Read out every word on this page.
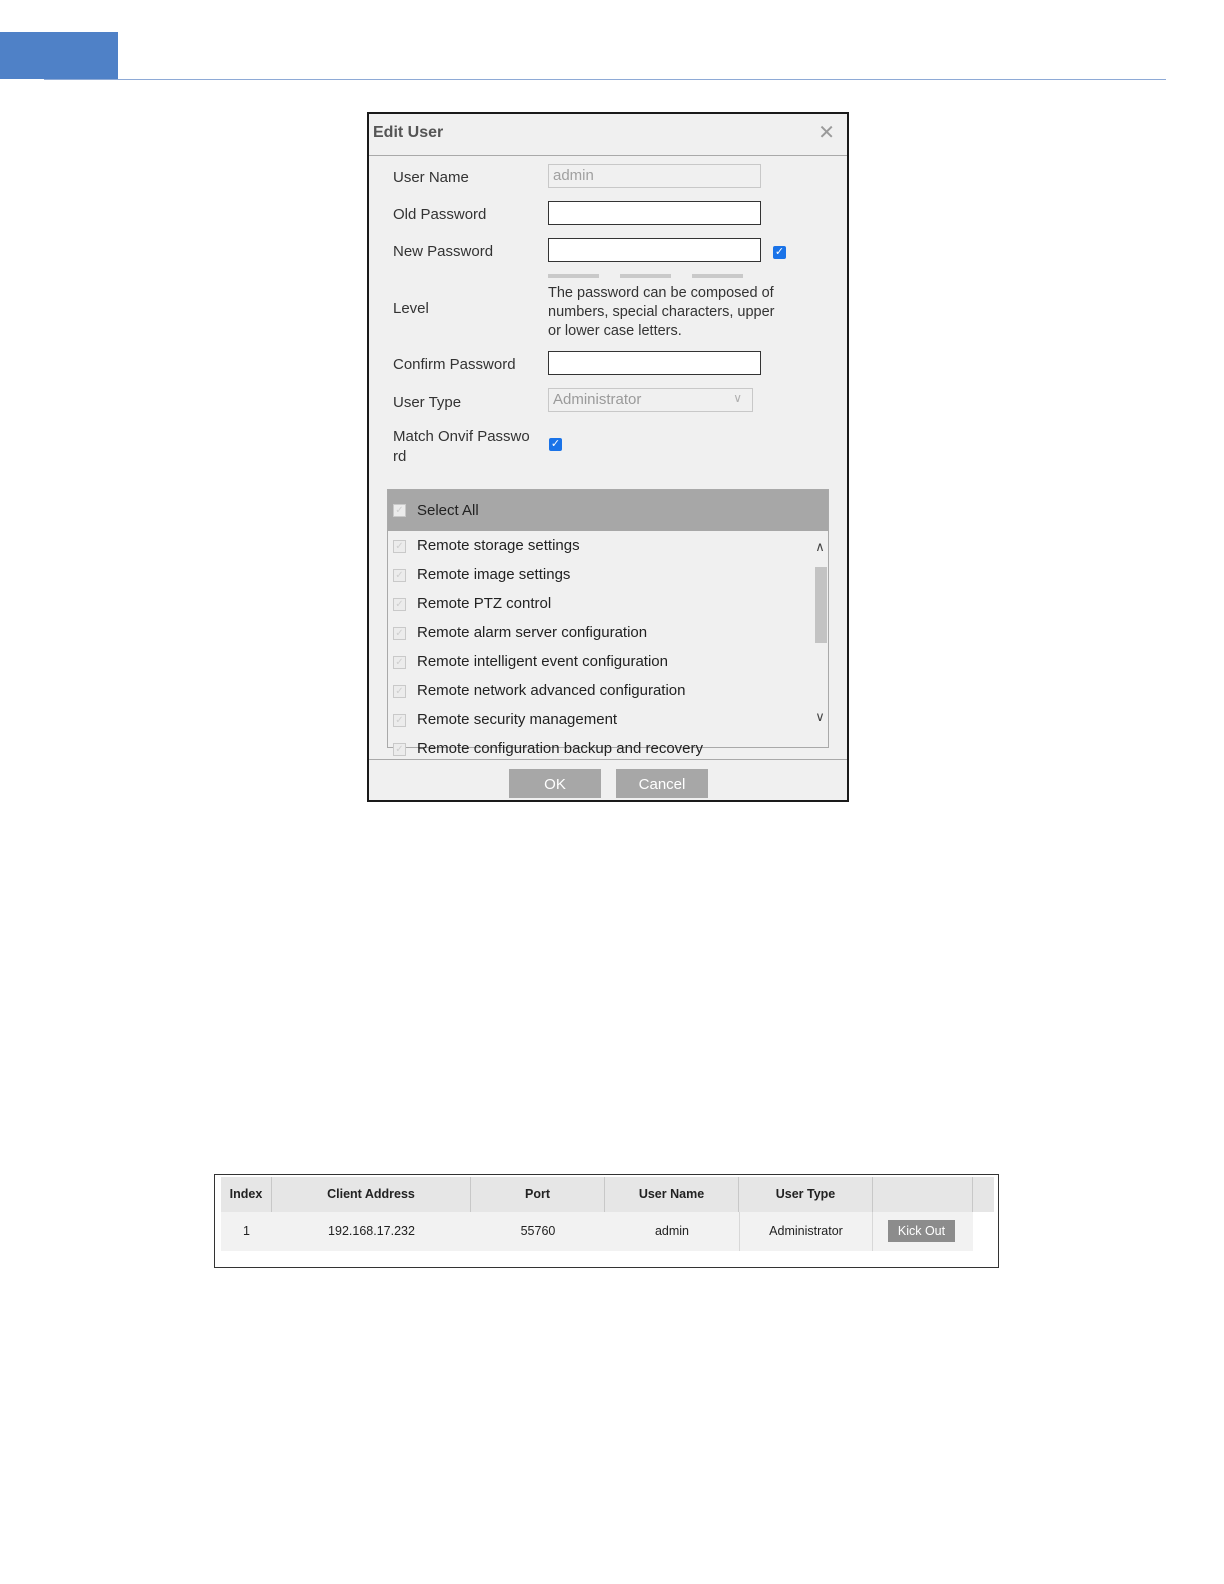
Edit User	✕
User Name	admin
Old Password
New Password	✓
Level
The password can be composed of numbers, special characters, upper or lower case letters.
Confirm Password
User Type	Administrator	∨
Match Onvif Passwo
rd
✓
✓ Select All
✓ Remote storage settings
✓ Remote image settings
✓ Remote PTZ control
✓ Remote alarm server configuration
✓ Remote intelligent event configuration
✓ Remote network advanced configuration
✓ Remote security management
✓ Remote configuration backup and recovery
∧
∨
OK	Cancel
Index	Client Address	Port	User Name	User Type
1	192.168.17.232	55760	admin	Administrator	Kick Out
